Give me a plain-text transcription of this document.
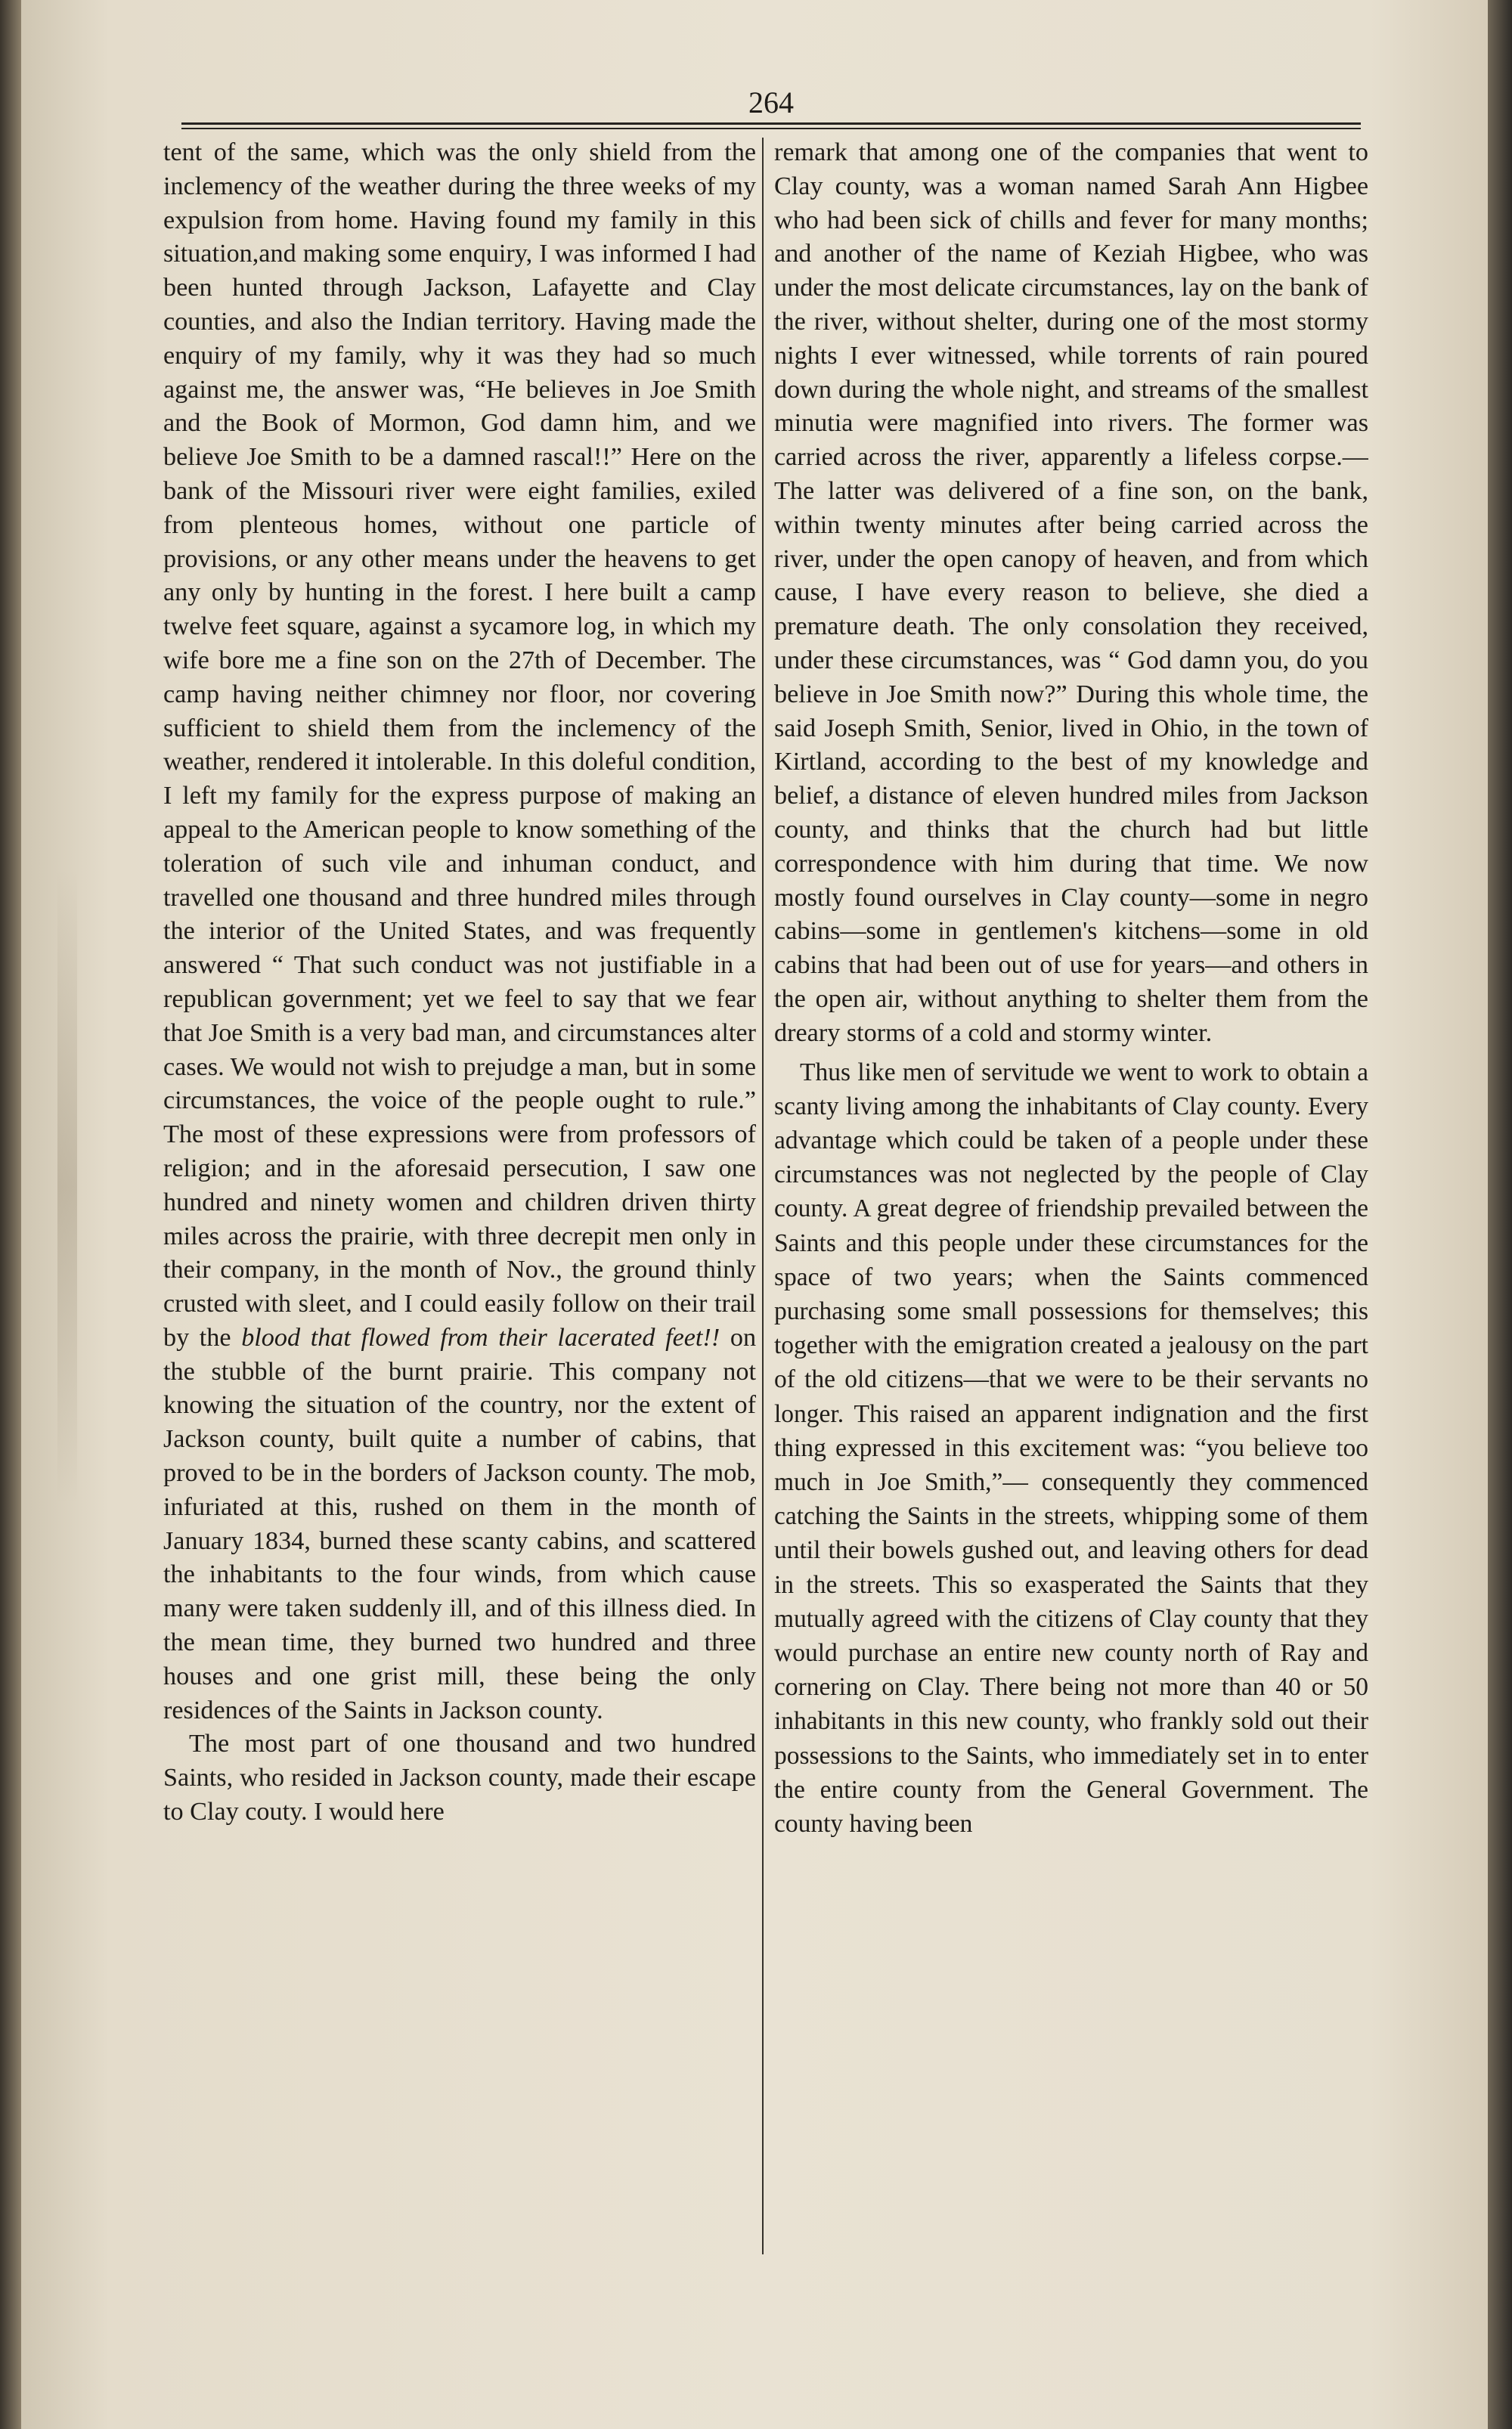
264

tent of the same, which was the only shield from the inclemency of the weather during the three weeks of my expulsion from home. Having found my family in this situation,and making some enquiry, I was informed I had been hunted through Jackson, Lafayette and Clay counties, and also the Indian territory. Having made the enquiry of my family, why it was they had so much against me, the answer was, “He believes in Joe Smith and the Book of Mormon, God damn him, and we believe Joe Smith to be a damned rascal!!” Here on the bank of the Missouri river were eight families, exiled from plenteous homes, without one particle of provisions, or any other means under the heavens to get any only by hunting in the forest. I here built a camp twelve feet square, against a sycamore log, in which my wife bore me a fine son on the 27th of December. The camp having neither chimney nor floor, nor covering sufficient to shield them from the inclemency of the weather, rendered it intolerable. In this doleful condition, I left my family for the express purpose of making an appeal to the American people to know something of the toleration of such vile and inhuman conduct, and travelled one thousand and three hundred miles through the interior of the United States, and was frequently answered “ That such conduct was not justifiable in a republican government; yet we feel to say that we fear that Joe Smith is a very bad man, and circumstances alter cases. We would not wish to prejudge a man, but in some circumstances, the voice of the people ought to rule.” The most of these expressions were from professors of religion; and in the aforesaid persecution, I saw one hundred and ninety women and children driven thirty miles across the prairie, with three decrepit men only in their company, in the month of Nov., the ground thinly crusted with sleet, and I could easily follow on their trail by the blood that flowed from their lacerated feet!! on the stubble of the burnt prairie. This company not knowing the situation of the country, nor the extent of Jackson county, built quite a number of cabins, that proved to be in the borders of Jackson county. The mob, infuriated at this, rushed on them in the month of January 1834, burned these scanty cabins, and scattered the inhabitants to the four winds, from which cause many were taken suddenly ill, and of this illness died. In the mean time, they burned two hundred and three houses and one grist mill, these being the only residences of the Saints in Jackson county.

The most part of one thousand and two hundred Saints, who resided in Jackson county, made their escape to Clay couty. I would here

remark that among one of the companies that went to Clay county, was a woman named Sarah Ann Higbee who had been sick of chills and fever for many months; and another of the name of Keziah Higbee, who was under the most delicate circumstances, lay on the bank of the river, without shelter, during one of the most stormy nights I ever witnessed, while torrents of rain poured down during the whole night, and streams of the smallest minutia were magnified into rivers. The former was carried across the river, apparently a lifeless corpse.— The latter was delivered of a fine son, on the bank, within twenty minutes after being carried across the river, under the open canopy of heaven, and from which cause, I have every reason to believe, she died a premature death. The only consolation they received, under these circumstances, was “ God damn you, do you believe in Joe Smith now?” During this whole time, the said Joseph Smith, Senior, lived in Ohio, in the town of Kirtland, according to the best of my knowledge and belief, a distance of eleven hundred miles from Jackson county, and thinks that the church had but little correspondence with him during that time. We now mostly found ourselves in Clay county—some in negro cabins—some in gentlemen's kitchens—some in old cabins that had been out of use for years—and others in the open air, without anything to shelter them from the dreary storms of a cold and stormy winter.

Thus like men of servitude we went to work to obtain a scanty living among the inhabitants of Clay county. Every advantage which could be taken of a people under these circumstances was not neglected by the people of Clay county. A great degree of friendship prevailed between the Saints and this people under these circumstances for the space of two years; when the Saints commenced purchasing some small possessions for themselves; this together with the emigration created a jealousy on the part of the old citizens—that we were to be their servants no longer. This raised an apparent indignation and the first thing expressed in this excitement was: “you believe too much in Joe Smith,”— consequently they commenced catching the Saints in the streets, whipping some of them until their bowels gushed out, and leaving others for dead in the streets. This so exasperated the Saints that they mutually agreed with the citizens of Clay county that they would purchase an entire new county north of Ray and cornering on Clay. There being not more than 40 or 50 inhabitants in this new county, who frankly sold out their possessions to the Saints, who immediately set in to enter the entire county from the General Government. The county having been
